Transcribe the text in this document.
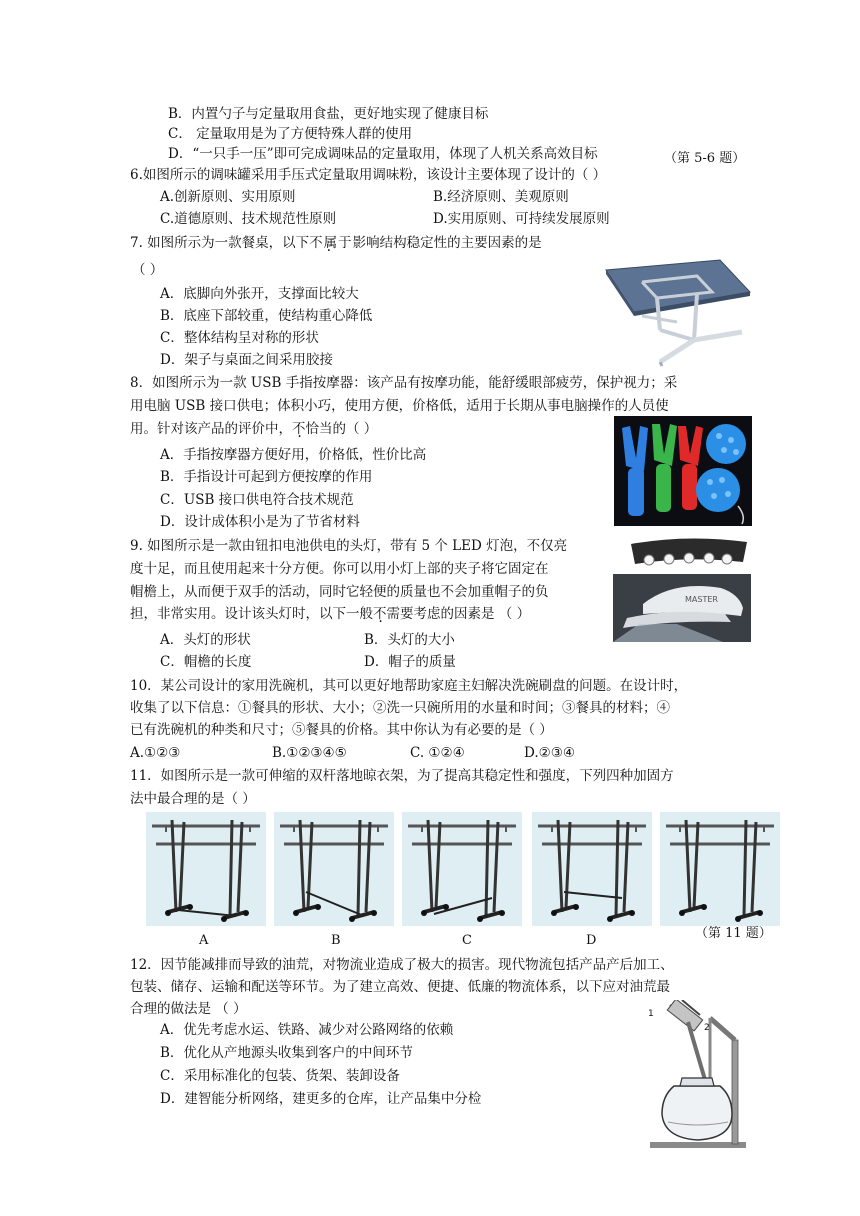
B．内置勺子与定量取用食盐，更好地实现了健康目标
C． 定量取用是为了方便特殊人群的使用
D．“一只手一压”即可完成调味品的定量取用，体现了人机关系高效目标	（第 5-6 题）
6.如图所示的调味罐采用手压式定量取用调味粉，该设计主要体现了设计的（ ）
A.创新原则、实用原则	B.经济原则、美观原则
C.道德原则、技术规范性原则	D.实用原则、可持续发展原则
7. 如图所示为一款餐桌，以下不属于影响结构稳定性的主要因素的是
（ ）
A．底脚向外张开，支撑面比较大
B．底座下部较重，使结构重心降低
C．整体结构呈对称的形状
D．架子与桌面之间采用胶接
8．如图所示为一款 USB 手指按摩器：该产品有按摩功能，能舒缓眼部疲劳，保护视力；采
用电脑 USB 接口供电；体积小巧，使用方便，价格低，适用于长期从事电脑操作的人员使
用。针对该产品的评价中，不恰当的（ ）
A．手指按摩器方便好用，价格低，性价比高
B．手指设计可起到方便按摩的作用
C．USB 接口供电符合技术规范
D．设计成体积小是为了节省材料
9. 如图所示是一款由钮扣电池供电的头灯，带有 5 个 LED 灯泡，不仅亮
度十足，而且使用起来十分方便。你可以用小灯上部的夹子将它固定在
帽檐上，从而便于双手的活动，同时它轻便的质量也不会加重帽子的负
担，非常实用。设计该头灯时，以下一般不需要考虑的因素是 （ ）
A．头灯的形状	B．头灯的大小
C．帽檐的长度	D．帽子的质量
MASTER
10．某公司设计的家用洗碗机，其可以更好地帮助家庭主妇解决洗碗刷盘的问题。在设计时，
收集了以下信息：①餐具的形状、大小；②洗一只碗所用的水量和时间；③餐具的材料；④
已有洗碗机的种类和尺寸；⑤餐具的价格。其中你认为有必要的是（ ）
A.①②③	B.①②③④⑤	C. ①②④	D.②③④
11．如图所示是一款可伸缩的双杆落地晾衣架，为了提高其稳定性和强度，下列四种加固方
法中最合理的是（ ）
A	B	C	D	（第 11 题）
12．因节能减排而导致的油荒，对物流业造成了极大的损害。现代物流包括产品产后加工、
包装、储存、运输和配送等环节。为了建立高效、便捷、低廉的物流体系，以下应对油荒最
合理的做法是 （ ）
A．优先考虑水运、铁路、减少对公路网络的依赖
B．优化从产地源头收集到客户的中间环节
C．采用标准化的包装、货架、装卸设备
D．建智能分析网络，建更多的仓库，让产品集中分检
1
2
